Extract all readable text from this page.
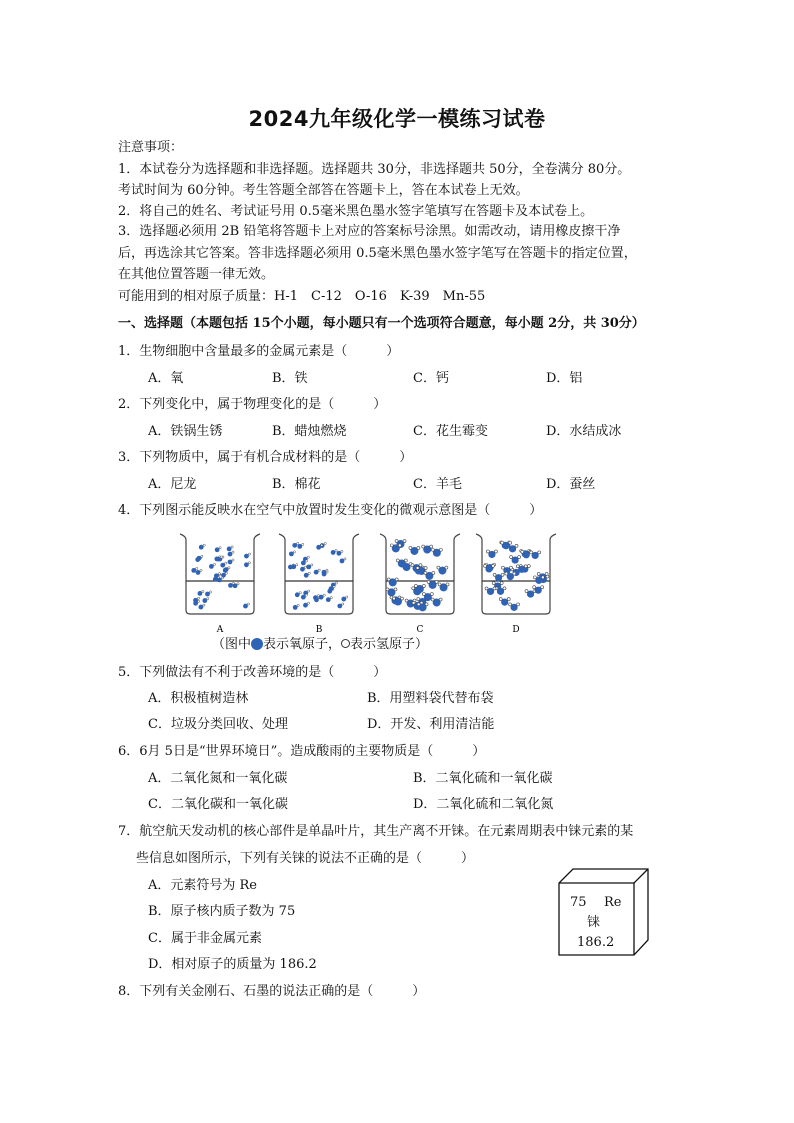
2024九年级化学一模练习试卷
注意事项：
1．本试卷分为选择题和非选择题。选择题共 30分，非选择题共 50分，全卷满分 80分。
考试时间为 60分钟。考生答题全部答在答题卡上，答在本试卷上无效。
2．将自己的姓名、考试证号用 0.5毫米黑色墨水签字笔填写在答题卡及本试卷上。
3．选择题必须用 2B 铅笔将答题卡上对应的答案标号涂黑。如需改动，请用橡皮擦干净
后，再选涂其它答案。答非选择题必须用 0.5毫米黑色墨水签字笔写在答题卡的指定位置，
在其他位置答题一律无效。
可能用到的相对原子质量：H-1　C-12　O-16　K-39　Mn-55
一、选择题（本题包括 15个小题，每小题只有一个选项符合题意，每小题 2分，共 30分）
1．生物细胞中含量最多的金属元素是（　　　）
A．氧	B．铁	C．钙	D．铝
2．下列变化中，属于物理变化的是（　　　）
A．铁锅生锈	B．蜡烛燃烧	C．花生霉变	D．水结成冰
3．下列物质中，属于有机合成材料的是（　　　）
A．尼龙	B．棉花	C．羊毛	D．蚕丝
4．下列图示能反映水在空气中放置时发生变化的微观示意图是（　　　）
A	B	C	D
（图中 表示氧原子， 表示氢原子）
5．下列做法有不利于改善环境的是（　　　）
A．积极植树造林	B．用塑料袋代替布袋
C．垃圾分类回收、处理	D．开发、利用清洁能
6．6月 5日是“世界环境日”。造成酸雨的主要物质是（　　　）
A．二氧化氮和一氧化碳	B．二氧化硫和一氧化碳
C．二氧化碳和一氧化碳	D．二氧化硫和二氧化氮
7．航空航天发动机的核心部件是单晶叶片，其生产离不开铼。在元素周期表中铼元素的某
些信息如图所示，下列有关铼的说法不正确的是（　　　）
A．元素符号为 Re
B．原子核内质子数为 75
C．属于非金属元素
D．相对原子的质量为 186.2
75 Re
铼
186.2
8．下列有关金刚石、石墨的说法正确的是（　　　）
